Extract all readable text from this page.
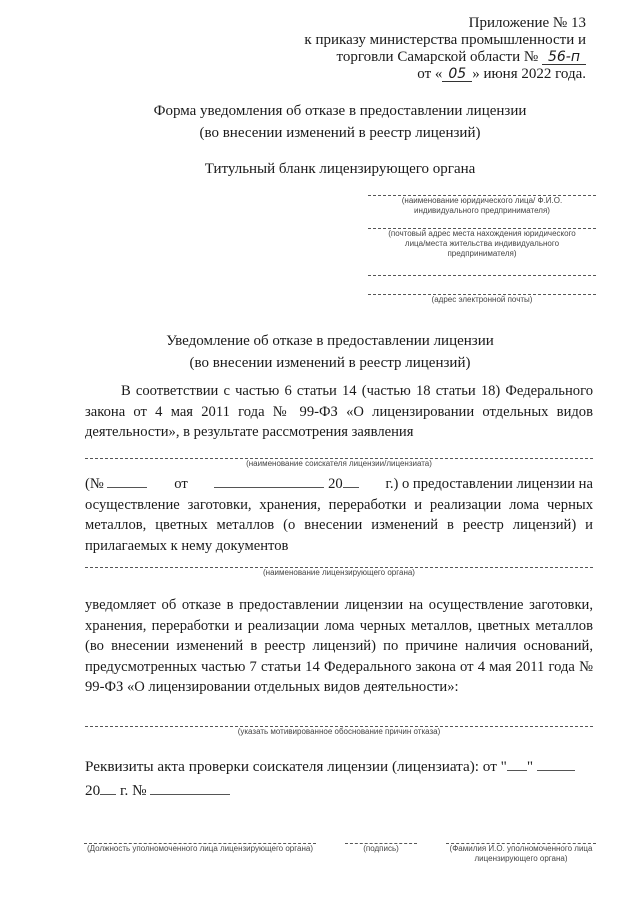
Приложение № 13
к приказу министерства промышленности и
торговли Самарской области № 56-п
от « 05 » июня 2022 года.
Форма уведомления об отказе в предоставлении лицензии
(во внесении изменений в реестр лицензий)
Титульный бланк лицензирующего органа
(наименование юридического лица/ Ф.И.О.
индивидуального предпринимателя)
(почтовый адрес места нахождения юридического
лица/места жительства индивидуального
предпринимателя)
(адрес электронной почты)
Уведомление об отказе в предоставлении лицензии
(во внесении изменений в реестр лицензий)
В соответствии с частью 6 статьи 14 (частью 18 статьи 18) Федерального закона от 4 мая 2011 года № 99-ФЗ «О лицензировании отдельных видов деятельности», в результате рассмотрения заявления
(наименование соискателя лицензии/лицензиата)
(№	от	20	г.) о предоставлении лицензии на
осуществление заготовки, хранения, переработки и реализации лома черных металлов, цветных металлов (о внесении изменений в реестр лицензий) и прилагаемых к нему документов
(наименование лицензирующего органа)
уведомляет об отказе в предоставлении лицензии на осуществление заготовки, хранения, переработки и реализации лома черных металлов, цветных металлов (во внесении изменений в реестр лицензий) по причине наличия оснований, предусмотренных частью 7 статьи 14 Федерального закона от 4 мая 2011 года № 99-ФЗ «О лицензировании отдельных видов деятельности»:
(указать мотивированное обоснование причин отказа)
Реквизиты акта проверки соискателя лицензии (лицензиата): от " "
20 г. №
(Должность уполномоченного лица лицензирующего органа)	(подпись)	(Фамилия И.О. уполномоченного лица лицензирующего органа)
